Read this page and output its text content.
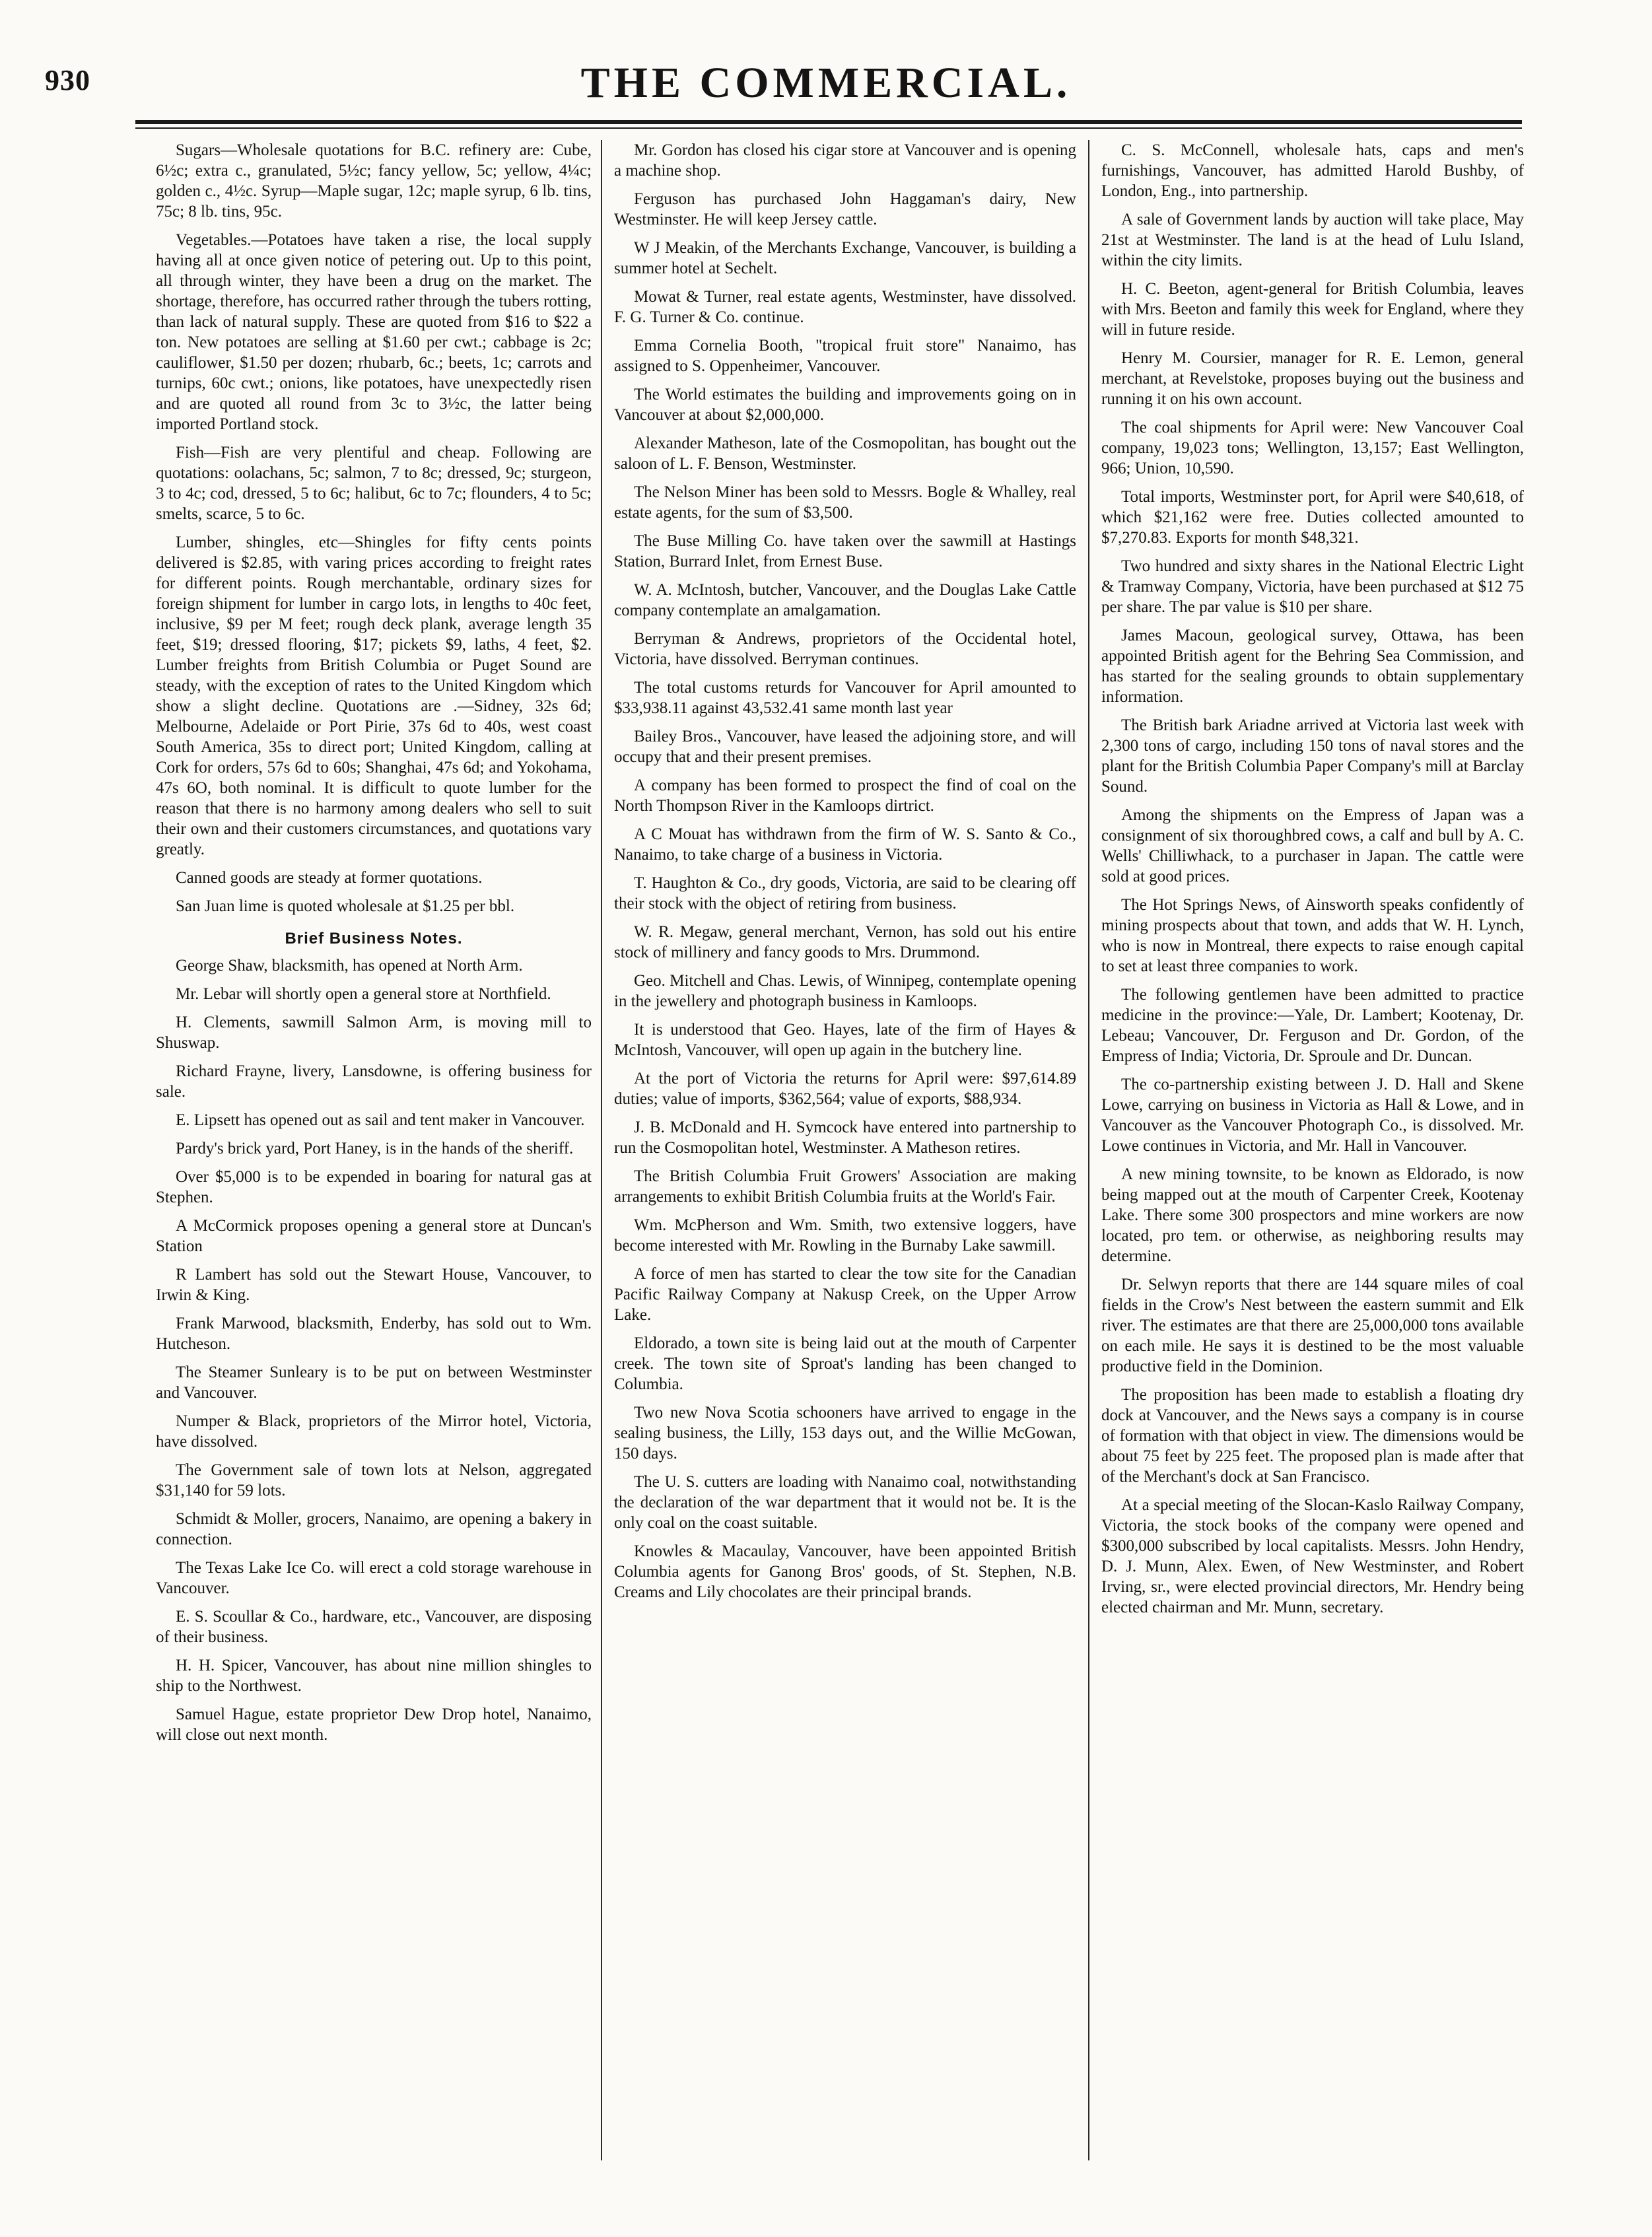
930	THE COMMERCIAL.

Sugars—Wholesale quotations for B.C. refinery are: Cube, 6½c; extra c., granulated, 5½c; fancy yellow, 5c; yellow, 4¼c; golden c., 4½c. Syrup—Maple sugar, 12c; maple syrup, 6 lb. tins, 75c; 8 lb. tins, 95c.

Vegetables.—Potatoes have taken a rise, the local supply having all at once given notice of petering out. Up to this point, all through winter, they have been a drug on the market. The shortage, therefore, has occurred rather through the tubers rotting, than lack of natural supply. These are quoted from $16 to $22 a ton. New potatoes are selling at $1.60 per cwt.; cabbage is 2c; cauliflower, $1.50 per dozen; rhubarb, 6c.; beets, 1c; carrots and turnips, 60c cwt.; onions, like potatoes, have unexpectedly risen and are quoted all round from 3c to 3½c, the latter being imported Portland stock.

Fish—Fish are very plentiful and cheap. Following are quotations: oolachans, 5c; salmon, 7 to 8c; dressed, 9c; sturgeon, 3 to 4c; cod, dressed, 5 to 6c; halibut, 6c to 7c; flounders, 4 to 5c; smelts, scarce, 5 to 6c.

Lumber, shingles, etc—Shingles for fifty cents points delivered is $2.85, with varing prices according to freight rates for different points. Rough merchantable, ordinary sizes for foreign shipment for lumber in cargo lots, in lengths to 40c feet, inclusive, $9 per M feet; rough deck plank, average length 35 feet, $19; dressed flooring, $17; pickets $9, laths, 4 feet, $2. Lumber freights from British Columbia or Puget Sound are steady, with the exception of rates to the United Kingdom which show a slight decline. Quotations are .—Sidney, 32s 6d; Melbourne, Adelaide or Port Pirie, 37s 6d to 40s, west coast South America, 35s to direct port; United Kingdom, calling at Cork for orders, 57s 6d to 60s; Shanghai, 47s 6d; and Yokohama, 47s 6O, both nominal. It is difficult to quote lumber for the reason that there is no harmony among dealers who sell to suit their own and their customers circumstances, and quotations vary greatly.

Canned goods are steady at former quotations.

San Juan lime is quoted wholesale at $1.25 per bbl.

Brief Business Notes.

George Shaw, blacksmith, has opened at North Arm.

Mr. Lebar will shortly open a general store at Northfield.

H. Clements, sawmill Salmon Arm, is moving mill to Shuswap.

Richard Frayne, livery, Lansdowne, is offering business for sale.

E. Lipsett has opened out as sail and tent maker in Vancouver.

Pardy's brick yard, Port Haney, is in the hands of the sheriff.

Over $5,000 is to be expended in boaring for natural gas at Stephen.

A McCormick proposes opening a general store at Duncan's Station

R Lambert has sold out the Stewart House, Vancouver, to Irwin & King.

Frank Marwood, blacksmith, Enderby, has sold out to Wm. Hutcheson.

The Steamer Sunleary is to be put on between Westminster and Vancouver.

Numper & Black, proprietors of the Mirror hotel, Victoria, have dissolved.

The Government sale of town lots at Nelson, aggregated $31,140 for 59 lots.

Schmidt & Moller, grocers, Nanaimo, are opening a bakery in connection.

The Texas Lake Ice Co. will erect a cold storage warehouse in Vancouver.

E. S. Scoullar & Co., hardware, etc., Vancouver, are disposing of their business.

H. H. Spicer, Vancouver, has about nine million shingles to ship to the Northwest.

Samuel Hague, estate proprietor Dew Drop hotel, Nanaimo, will close out next month.

Mr. Gordon has closed his cigar store at Vancouver and is opening a machine shop.

Ferguson has purchased John Haggaman's dairy, New Westminster. He will keep Jersey cattle.

W J Meakin, of the Merchants Exchange, Vancouver, is building a summer hotel at Sechelt.

Mowat & Turner, real estate agents, Westminster, have dissolved. F. G. Turner & Co. continue.

Emma Cornelia Booth, "tropical fruit store" Nanaimo, has assigned to S. Oppenheimer, Vancouver.

The World estimates the building and improvements going on in Vancouver at about $2,000,000.

Alexander Matheson, late of the Cosmopolitan, has bought out the saloon of L. F. Benson, Westminster.

The Nelson Miner has been sold to Messrs. Bogle & Whalley, real estate agents, for the sum of $3,500.

The Buse Milling Co. have taken over the sawmill at Hastings Station, Burrard Inlet, from Ernest Buse.

W. A. McIntosh, butcher, Vancouver, and the Douglas Lake Cattle company contemplate an amalgamation.

Berryman & Andrews, proprietors of the Occidental hotel, Victoria, have dissolved. Berryman continues.

The total customs returds for Vancouver for April amounted to $33,938.11 against 43,532.41 same month last year

Bailey Bros., Vancouver, have leased the adjoining store, and will occupy that and their present premises.

A company has been formed to prospect the find of coal on the North Thompson River in the Kamloops dirtrict.

A C Mouat has withdrawn from the firm of W. S. Santo & Co., Nanaimo, to take charge of a business in Victoria.

T. Haughton & Co., dry goods, Victoria, are said to be clearing off their stock with the object of retiring from business.

W. R. Megaw, general merchant, Vernon, has sold out his entire stock of millinery and fancy goods to Mrs. Drummond.

Geo. Mitchell and Chas. Lewis, of Winnipeg, contemplate opening in the jewellery and photograph business in Kamloops.

It is understood that Geo. Hayes, late of the firm of Hayes & McIntosh, Vancouver, will open up again in the butchery line.

At the port of Victoria the returns for April were: $97,614.89 duties; value of imports, $362,564; value of exports, $88,934.

J. B. McDonald and H. Symcock have entered into partnership to run the Cosmopolitan hotel, Westminster. A Matheson retires.

The British Columbia Fruit Growers' Association are making arrangements to exhibit British Columbia fruits at the World's Fair.

Wm. McPherson and Wm. Smith, two extensive loggers, have become interested with Mr. Rowling in the Burnaby Lake sawmill.

A force of men has started to clear the tow site for the Canadian Pacific Railway Company at Nakusp Creek, on the Upper Arrow Lake.

Eldorado, a town site is being laid out at the mouth of Carpenter creek. The town site of Sproat's landing has been changed to Columbia.

Two new Nova Scotia schooners have arrived to engage in the sealing business, the Lilly, 153 days out, and the Willie McGowan, 150 days.

The U. S. cutters are loading with Nanaimo coal, notwithstanding the declaration of the war department that it would not be. It is the only coal on the coast suitable.

Knowles & Macaulay, Vancouver, have been appointed British Columbia agents for Ganong Bros' goods, of St. Stephen, N.B. Creams and Lily chocolates are their principal brands.

C. S. McConnell, wholesale hats, caps and men's furnishings, Vancouver, has admitted Harold Bushby, of London, Eng., into partnership.

A sale of Government lands by auction will take place, May 21st at Westminster. The land is at the head of Lulu Island, within the city limits.

H. C. Beeton, agent-general for British Columbia, leaves with Mrs. Beeton and family this week for England, where they will in future reside.

Henry M. Coursier, manager for R. E. Lemon, general merchant, at Revelstoke, proposes buying out the business and running it on his own account.

The coal shipments for April were: New Vancouver Coal company, 19,023 tons; Wellington, 13,157; East Wellington, 966; Union, 10,590.

Total imports, Westminster port, for April were $40,618, of which $21,162 were free. Duties collected amounted to $7,270.83. Exports for month $48,321.

Two hundred and sixty shares in the National Electric Light & Tramway Company, Victoria, have been purchased at $12 75 per share. The par value is $10 per share.

James Macoun, geological survey, Ottawa, has been appointed British agent for the Behring Sea Commission, and has started for the sealing grounds to obtain supplementary information.

The British bark Ariadne arrived at Victoria last week with 2,300 tons of cargo, including 150 tons of naval stores and the plant for the British Columbia Paper Company's mill at Barclay Sound.

Among the shipments on the Empress of Japan was a consignment of six thoroughbred cows, a calf and bull by A. C. Wells' Chilliwhack, to a purchaser in Japan. The cattle were sold at good prices.

The Hot Springs News, of Ainsworth speaks confidently of mining prospects about that town, and adds that W. H. Lynch, who is now in Montreal, there expects to raise enough capital to set at least three companies to work.

The following gentlemen have been admitted to practice medicine in the province:—Yale, Dr. Lambert; Kootenay, Dr. Lebeau; Vancouver, Dr. Ferguson and Dr. Gordon, of the Empress of India; Victoria, Dr. Sproule and Dr. Duncan.

The co-partnership existing between J. D. Hall and Skene Lowe, carrying on business in Victoria as Hall & Lowe, and in Vancouver as the Vancouver Photograph Co., is dissolved. Mr. Lowe continues in Victoria, and Mr. Hall in Vancouver.

A new mining townsite, to be known as Eldorado, is now being mapped out at the mouth of Carpenter Creek, Kootenay Lake. There some 300 prospectors and mine workers are now located, pro tem. or otherwise, as neighboring results may determine.

Dr. Selwyn reports that there are 144 square miles of coal fields in the Crow's Nest between the eastern summit and Elk river. The estimates are that there are 25,000,000 tons available on each mile. He says it is destined to be the most valuable productive field in the Dominion.

The proposition has been made to establish a floating dry dock at Vancouver, and the News says a company is in course of formation with that object in view. The dimensions would be about 75 feet by 225 feet. The proposed plan is made after that of the Merchant's dock at San Francisco.

At a special meeting of the Slocan-Kaslo Railway Company, Victoria, the stock books of the company were opened and $300,000 subscribed by local capitalists. Messrs. John Hendry, D. J. Munn, Alex. Ewen, of New Westminster, and Robert Irving, sr., were elected provincial directors, Mr. Hendry being elected chairman and Mr. Munn, secretary.
